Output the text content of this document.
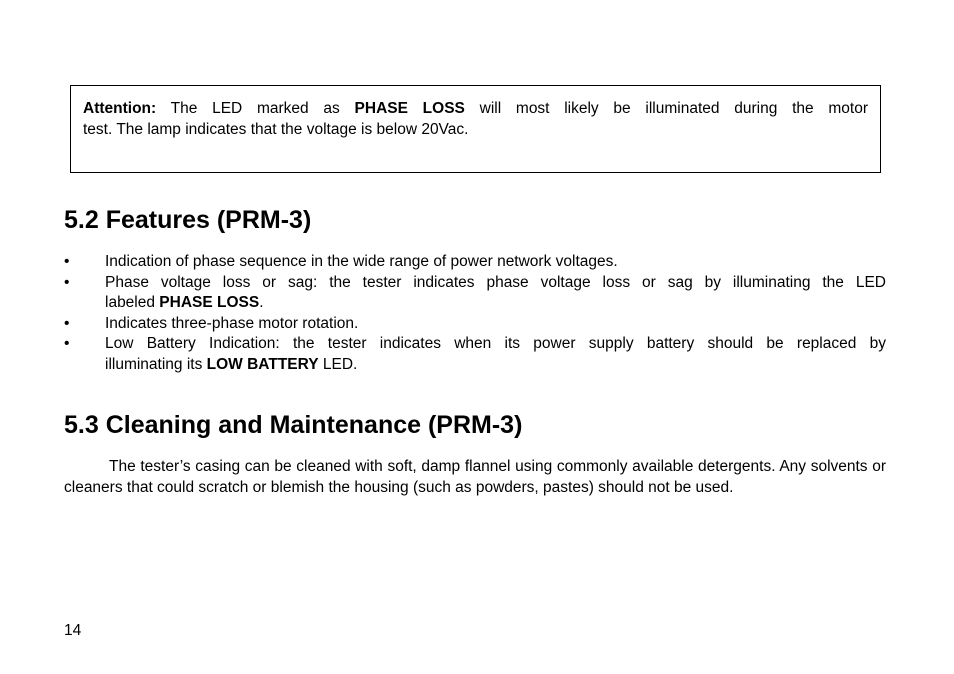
Attention: The LED marked as PHASE LOSS will most likely be illuminated during the motor
test. The lamp indicates that the voltage is below 20Vac.
5.2 Features (PRM-3)
• Indication of phase sequence in the wide range of power network voltages.
• Phase voltage loss or sag: the tester indicates phase voltage loss or sag by illuminating the LED
labeled PHASE LOSS.
• Indicates three-phase motor rotation.
• Low Battery Indication: the tester indicates when its power supply battery should be replaced by
illuminating its LOW BATTERY LED.
5.3 Cleaning and Maintenance (PRM-3)

The tester’s casing can be cleaned with soft, damp flannel using commonly available detergents. Any solvents or cleaners that could scratch or blemish the housing (such as powders, pastes) should not be used.

14
